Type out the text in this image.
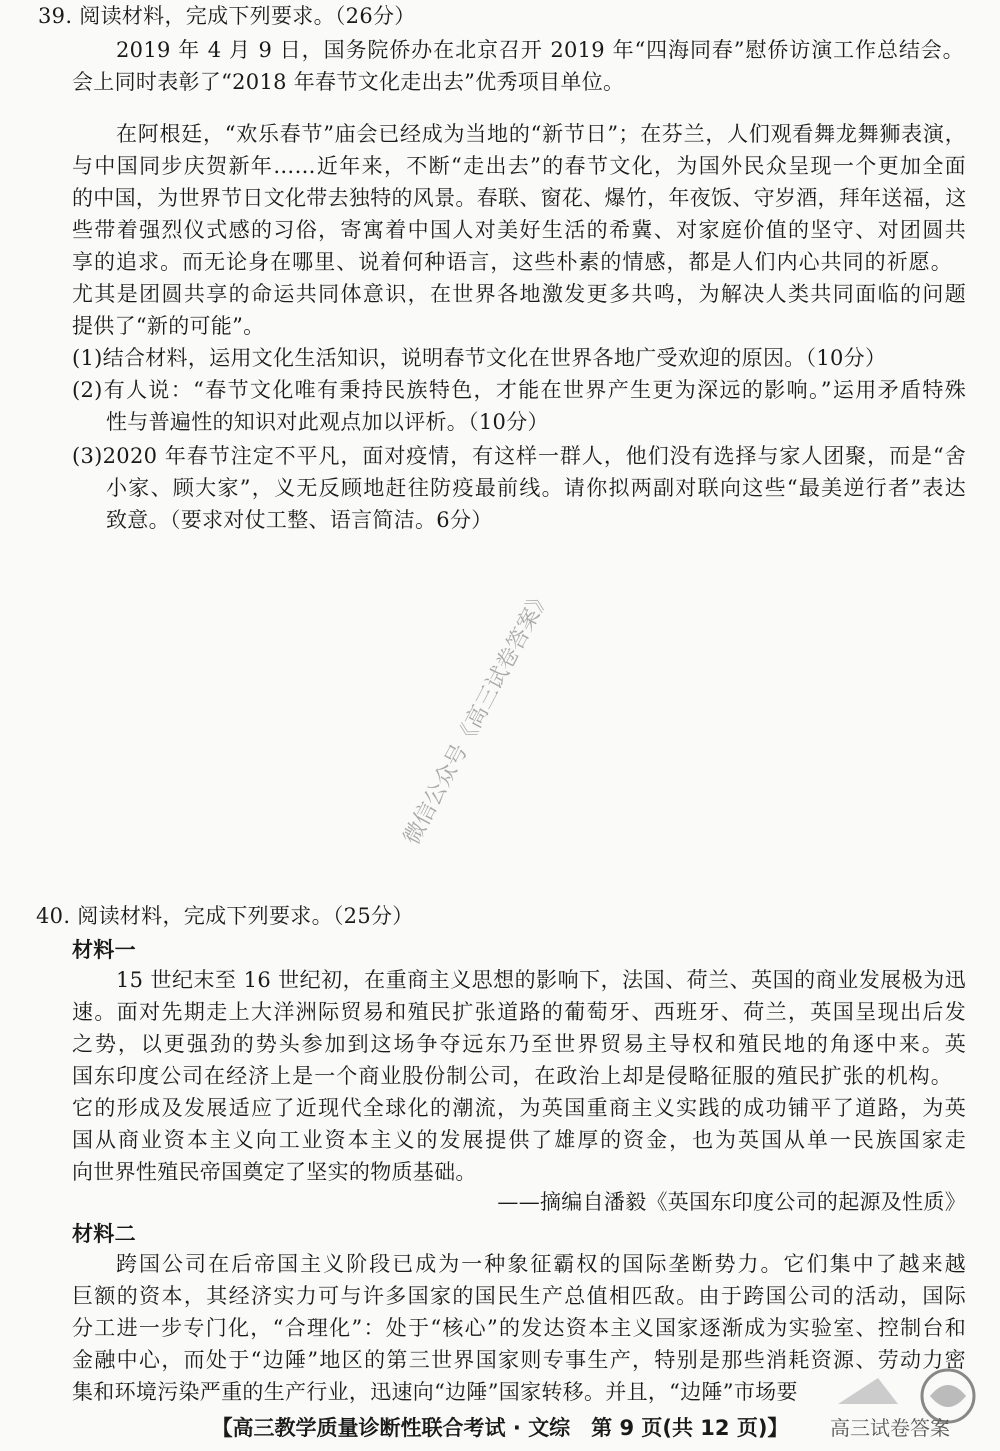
39. 阅读材料，完成下列要求。（26分）
2019 年 4 月 9 日，国务院侨办在北京召开 2019 年“四海同春”慰侨访演工作总结会。
会上同时表彰了“2018 年春节文化走出去”优秀项目单位。
在阿根廷，“欢乐春节”庙会已经成为当地的“新节日”；在芬兰，人们观看舞龙舞狮表演，
与中国同步庆贺新年……近年来，不断“走出去”的春节文化，为国外民众呈现一个更加全面
的中国，为世界节日文化带去独特的风景。春联、窗花、爆竹，年夜饭、守岁酒，拜年送福，这
些带着强烈仪式感的习俗，寄寓着中国人对美好生活的希冀、对家庭价值的坚守、对团圆共
享的追求。而无论身在哪里、说着何种语言，这些朴素的情感，都是人们内心共同的祈愿。
尤其是团圆共享的命运共同体意识，在世界各地激发更多共鸣，为解决人类共同面临的问题
提供了“新的可能”。
(1)结合材料，运用文化生活知识，说明春节文化在世界各地广受欢迎的原因。（10分）
(2)有人说：“春节文化唯有秉持民族特色，才能在世界产生更为深远的影响。”运用矛盾特殊
性与普遍性的知识对此观点加以评析。（10分）
(3)2020 年春节注定不平凡，面对疫情，有这样一群人，他们没有选择与家人团聚，而是“舍
小家、顾大家”，义无反顾地赶往防疫最前线。请你拟两副对联向这些“最美逆行者”表达
致意。（要求对仗工整、语言简洁。6分）
微信公众号《高三试卷答案》
40. 阅读材料，完成下列要求。（25分）
材料一
15 世纪末至 16 世纪初，在重商主义思想的影响下，法国、荷兰、英国的商业发展极为迅
速。面对先期走上大洋洲际贸易和殖民扩张道路的葡萄牙、西班牙、荷兰，英国呈现出后发
之势，以更强劲的势头参加到这场争夺远东乃至世界贸易主导权和殖民地的角逐中来。英
国东印度公司在经济上是一个商业股份制公司，在政治上却是侵略征服的殖民扩张的机构。
它的形成及发展适应了近现代全球化的潮流，为英国重商主义实践的成功铺平了道路，为英
国从商业资本主义向工业资本主义的发展提供了雄厚的资金，也为英国从单一民族国家走
向世界性殖民帝国奠定了坚实的物质基础。
——摘编自潘毅《英国东印度公司的起源及性质》
材料二
跨国公司在后帝国主义阶段已成为一种象征霸权的国际垄断势力。它们集中了越来越
巨额的资本，其经济实力可与许多国家的国民生产总值相匹敌。由于跨国公司的活动，国际
分工进一步专门化，“合理化”：处于“核心”的发达资本主义国家逐渐成为实验室、控制台和
金融中心，而处于“边陲”地区的第三世界国家则专事生产，特别是那些消耗资源、劳动力密
集和环境污染严重的生产行业，迅速向“边陲”国家转移。并且，“边陲”市场要
【高三教学质量诊断性联合考试 · 文综　第 9 页(共 12 页)】	高三试卷答案
